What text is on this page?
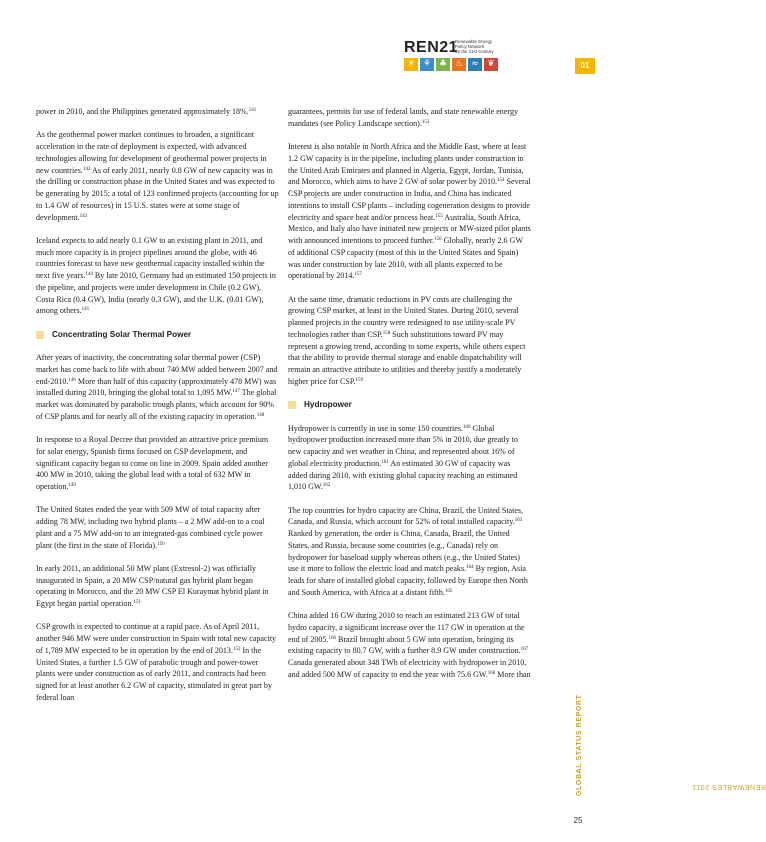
REN21
Renewable Energy
Policy Network
for the 21st Century
☀ ⚘ ♣ ♨ ≈ ❦	01

power in 2010, and the Philippines generated approximately 18%.$^{141}$

As the geothermal power market continues to broaden, a significant acceleration in the rate of deployment is expected, with advanced technologies allowing for development of geothermal power projects in new countries.$^{142}$ As of early 2011, nearly 0.8 GW of new capacity was in the drilling or construction phase in the United States and was expected to be generating by 2015; a total of 123 confirmed projects (accounting for up to 1.4 GW of resources) in 15 U.S. states were at some stage of development.$^{143}$

Iceland expects to add nearly 0.1 GW to an existing plant in 2011, and much more capacity is in project pipelines around the globe, with 46 countries forecast to have new geothermal capacity installed within the next five years.$^{144}$ By late 2010, Germany had an estimated 150 projects in the pipeline, and projects were under development in Chile (0.2 GW), Costa Rica (0.4 GW), India (nearly 0.3 GW), and the U.K. (0.01 GW), among others.$^{145}$

Concentrating Solar Thermal Power

After years of inactivity, the concentrating solar thermal power (CSP) market has come back to life with about 740 MW added between 2007 and end-2010.$^{146}$ More than half of this capacity (approximately 478 MW) was installed during 2010, bringing the global total to 1,095 MW.$^{147}$ The global market was dominated by parabolic trough plants, which account for 90% of CSP plants and for nearly all of the existing capacity in operation.$^{148}$

In response to a Royal Decree that provided an attractive price premium for solar energy, Spanish firms focused on CSP development, and significant capacity began to come on line in 2009. Spain added another 400 MW in 2010, taking the global lead with a total of 632 MW in operation.$^{149}$

The United States ended the year with 509 MW of total capacity after adding 78 MW, including two hybrid plants – a 2 MW add-on to a coal plant and a 75 MW add-on to an integrated-gas combined cycle power plant (the first in the state of Florida).$^{150}$

In early 2011, an additional 50 MW plant (Extresol-2) was officially inaugurated in Spain, a 20 MW CSP/natural gas hybrid plant began operating in Morocco, and the 20 MW CSP El Kuraymat hybrid plant in Egypt began partial operation.$^{151}$

CSP growth is expected to continue at a rapid pace. As of April 2011, another 946 MW were under construction in Spain with total new capacity of 1,789 MW expected to be in operation by the end of 2013.$^{152}$ In the United States, a further 1.5 GW of parabolic trough and power-tower plants were under construction as of early 2011, and contracts had been signed for at least another 6.2 GW of capacity, stimulated in great part by federal loan

guarantees, permits for use of federal lands, and state renewable energy mandates (see Policy Landscape section).$^{153}$

Interest is also notable in North Africa and the Middle East, where at least 1.2 GW capacity is in the pipeline, including plants under construction in the United Arab Emirates and planned in Algeria, Egypt, Jordan, Tunisia, and Morocco, which aims to have 2 GW of solar power by 2010.$^{154}$ Several CSP projects are under construction in India, and China has indicated intentions to install CSP plants – including cogeneration designs to provide electricity and space heat and/or process heat.$^{155}$ Australia, South Africa, Mexico, and Italy also have initiated new projects or MW-sized pilot plants with announced intentions to proceed further.$^{156}$ Globally, nearly 2.6 GW of additional CSP capacity (most of this in the United States and Spain) was under construction by late 2010, with all plants expected to be operational by 2014.$^{157}$

At the same time, dramatic reductions in PV costs are challenging the growing CSP market, at least in the United States. During 2010, several planned projects in the country were redesigned to use utility-scale PV technologies rather than CSP.$^{158}$ Such substitutions toward PV may represent a growing trend, according to some experts, while others expect that the ability to provide thermal storage and enable dispatchability will remain an attractive attribute to utilities and thereby justify a moderately higher price for CSP.$^{159}$

Hydropower

Hydropower is currently in use in some 150 countries.$^{160}$ Global hydropower production increased more than 5% in 2010, due greatly to new capacity and wet weather in China, and represented about 16% of global electricity production.$^{161}$ An estimated 30 GW of capacity was added during 2010, with existing global capacity reaching an estimated 1,010 GW.$^{162}$

The top countries for hydro capacity are China, Brazil, the United States, Canada, and Russia, which account for 52% of total installed capacity.$^{163}$ Ranked by generation, the order is China, Canada, Brazil, the United States, and Russia, because some countries (e.g., Canada) rely on hydropower for baseload supply whereas others (e.g., the United States) use it more to follow the electric load and match peaks.$^{164}$ By region, Asia leads for share of installed global capacity, followed by Europe then North and South America, with Africa at a distant fifth.$^{165}$

China added 16 GW during 2010 to reach an estimated 213 GW of total hydro capacity, a significant increase over the 117 GW in operation at the end of 2005.$^{166}$ Brazil brought about 5 GW into operation, bringing its existing capacity to 80.7 GW, with a further 8.9 GW under construction.$^{167}$ Canada generated about 348 TWh of electricity with hydropower in 2010, and added 500 MW of capacity to end the year with 75.6 GW.$^{168}$ More than

RENEWABLES 2011
GLOBAL STATUS REPORT
25
